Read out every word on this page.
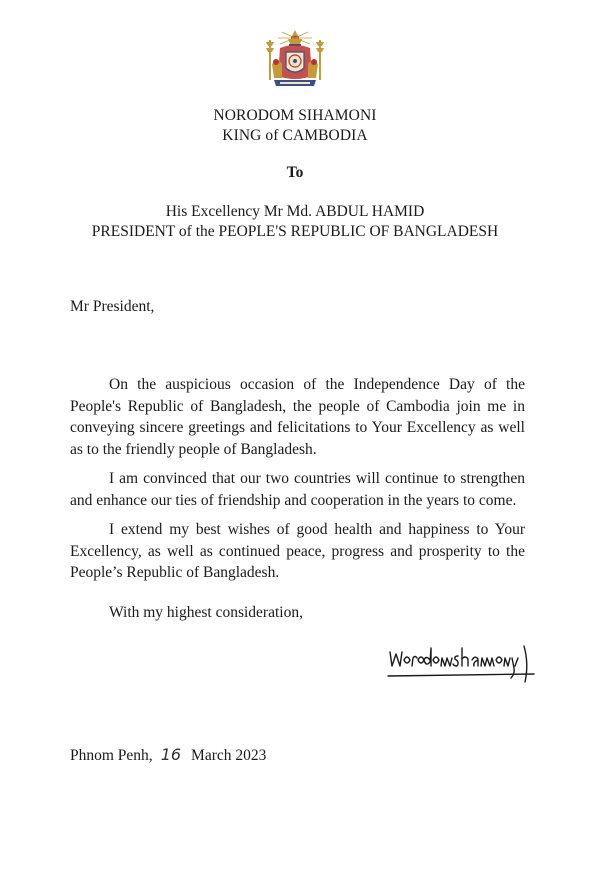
NORODOM SIHAMONI
KING of CAMBODIA
To
His Excellency Mr Md. ABDUL HAMID
PRESIDENT of the PEOPLE'S REPUBLIC OF BANGLADESH
Mr President,

On the auspicious occasion of the Independence Day of the People's Republic of Bangladesh, the people of Cambodia join me in conveying sincere greetings and felicitations to Your Excellency as well as to the friendly people of Bangladesh.

I am convinced that our two countries will continue to strengthen and enhance our ties of friendship and cooperation in the years to come.

I extend my best wishes of good health and happiness to Your Excellency, as well as continued peace, progress and prosperity to the People’s Republic of Bangladesh.

With my highest consideration,
Phnom Penh, 16 March 2023
